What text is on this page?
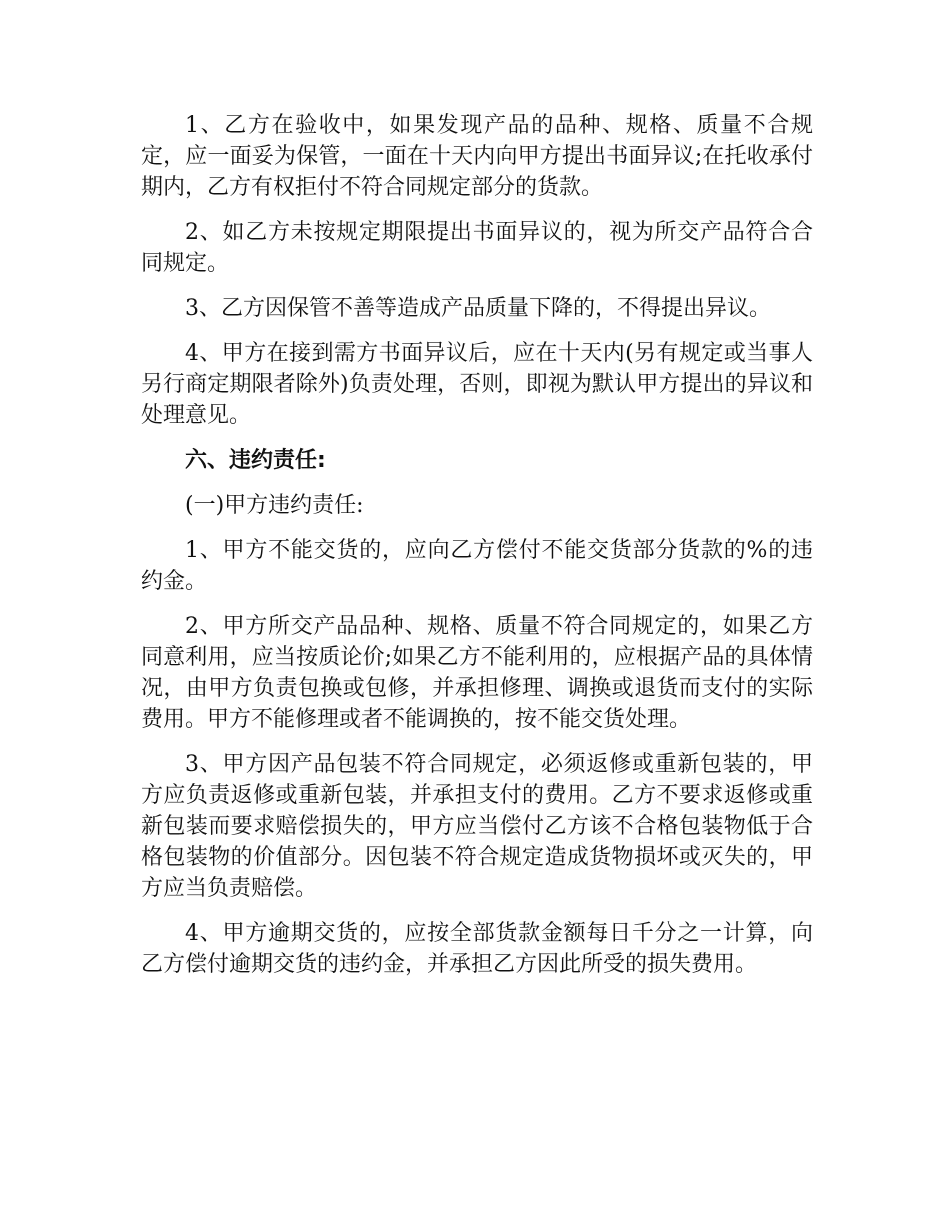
1、乙方在验收中，如果发现产品的品种、规格、质量不合规定，应一面妥为保管，一面在十天内向甲方提出书面异议;在托收承付期内，乙方有权拒付不符合同规定部分的货款。

2、如乙方未按规定期限提出书面异议的，视为所交产品符合合同规定。

3、乙方因保管不善等造成产品质量下降的，不得提出异议。

4、甲方在接到需方书面异议后，应在十天内(另有规定或当事人另行商定期限者除外)负责处理，否则，即视为默认甲方提出的异议和处理意见。

六、违约责任:

(一)甲方违约责任:

1、甲方不能交货的，应向乙方偿付不能交货部分货款的%的违约金。

2、甲方所交产品品种、规格、质量不符合同规定的，如果乙方同意利用，应当按质论价;如果乙方不能利用的，应根据产品的具体情况，由甲方负责包换或包修，并承担修理、调换或退货而支付的实际费用。甲方不能修理或者不能调换的，按不能交货处理。

3、甲方因产品包装不符合同规定，必须返修或重新包装的，甲方应负责返修或重新包装，并承担支付的费用。乙方不要求返修或重新包装而要求赔偿损失的，甲方应当偿付乙方该不合格包装物低于合格包装物的价值部分。因包装不符合规定造成货物损坏或灭失的，甲方应当负责赔偿。

4、甲方逾期交货的，应按全部货款金额每日千分之一计算，向乙方偿付逾期交货的违约金，并承担乙方因此所受的损失费用。
